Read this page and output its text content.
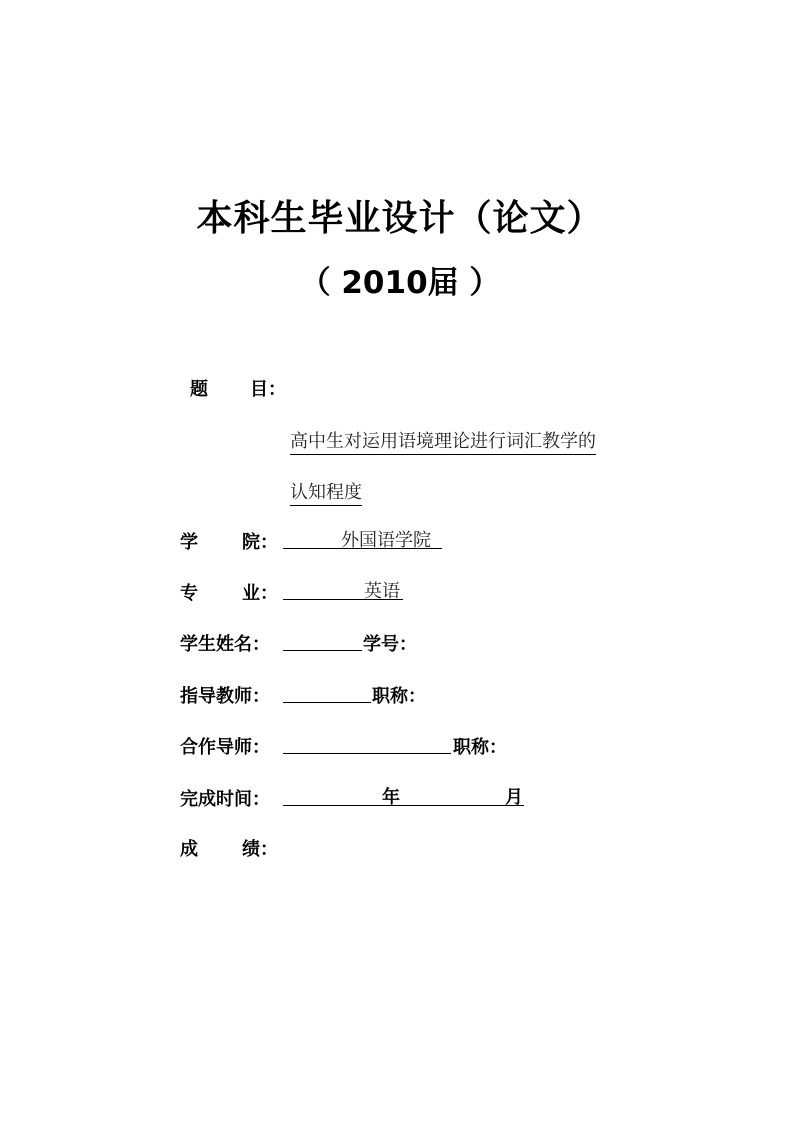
本科生毕业设计（论文）
（ 2010届 ）
题 目：
高中生对运用语境理论进行词汇教学的
认知程度
学 院：	外国语学院
专 业：	英语
学生姓名：	学号：
指导教师：	职称：
合作导师：	职称：
完成时间：	年	月
成 绩：
